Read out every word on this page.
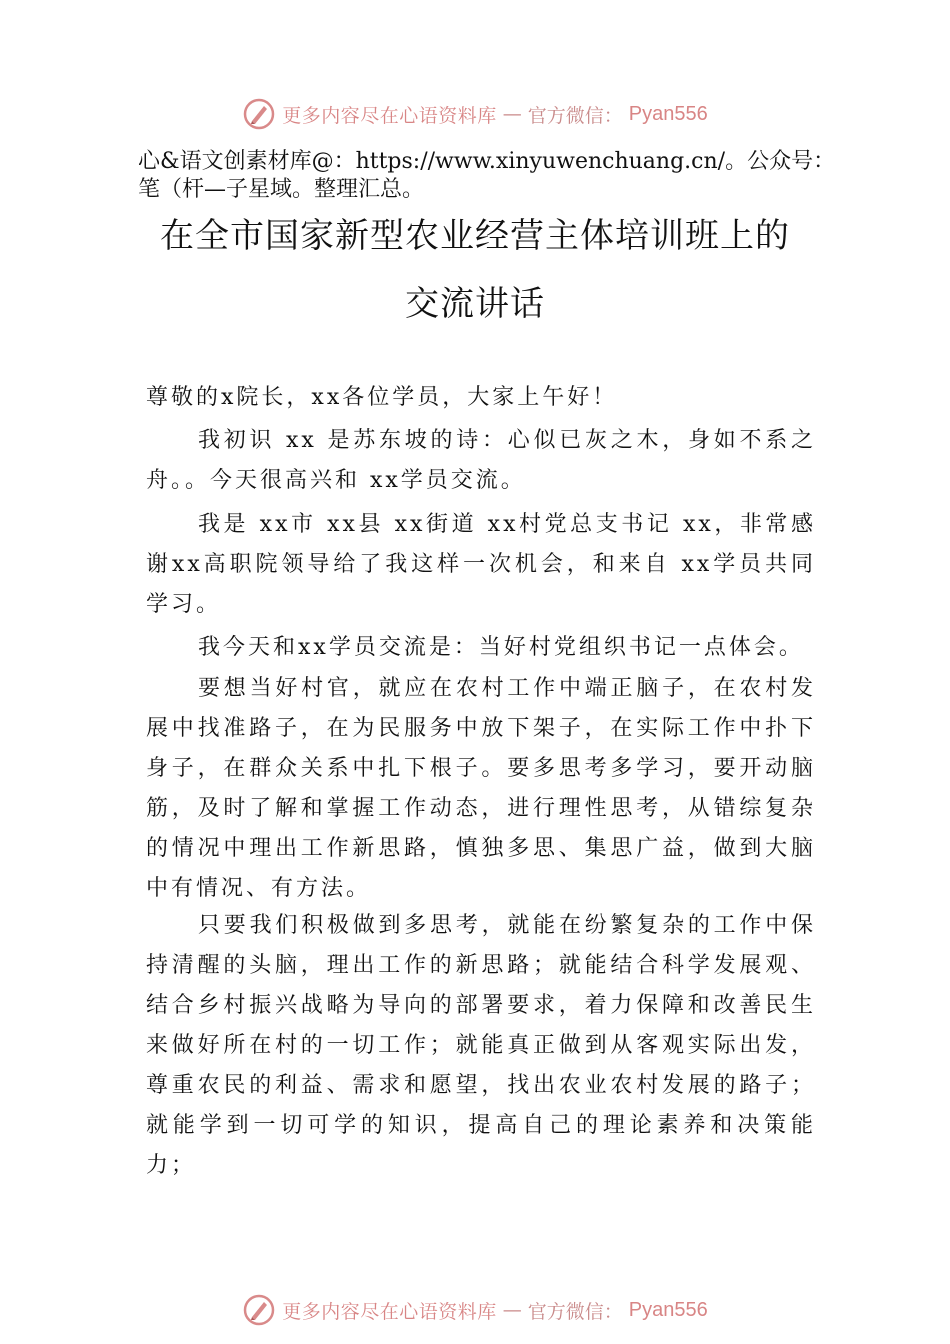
更多内容尽在心语资料库 — 官方微信： Pyan556
心&语文创素材库@：https://www.xinyuwenchuang.cn/。公众号：笔（杆—子星域。整理汇总。
在全市国家新型农业经营主体培训班上的
交流讲话

尊敬的x院长，xx各位学员，大家上午好！

我初识 xx 是苏东坡的诗：心似已灰之木，身如不系之舟。。今天很高兴和 xx学员交流。

我是 xx市 xx县 xx街道 xx村党总支书记 xx，非常感谢xx高职院领导给了我这样一次机会，和来自 xx学员共同学习。

我今天和xx学员交流是：当好村党组织书记一点体会。

要想当好村官，就应在农村工作中端正脑子，在农村发展中找准路子，在为民服务中放下架子，在实际工作中扑下身子，在群众关系中扎下根子。要多思考多学习，要开动脑筋，及时了解和掌握工作动态，进行理性思考，从错综复杂的情况中理出工作新思路，慎独多思、集思广益，做到大脑中有情况、有方法。

只要我们积极做到多思考，就能在纷繁复杂的工作中保持清醒的头脑，理出工作的新思路；就能结合科学发展观、结合乡村振兴战略为导向的部署要求，着力保障和改善民生来做好所在村的一切工作；就能真正做到从客观实际出发，尊重农民的利益、需求和愿望，找出农业农村发展的路子；就能学到一切可学的知识，提高自己的理论素养和决策能力；

更多内容尽在心语资料库 — 官方微信： Pyan556
